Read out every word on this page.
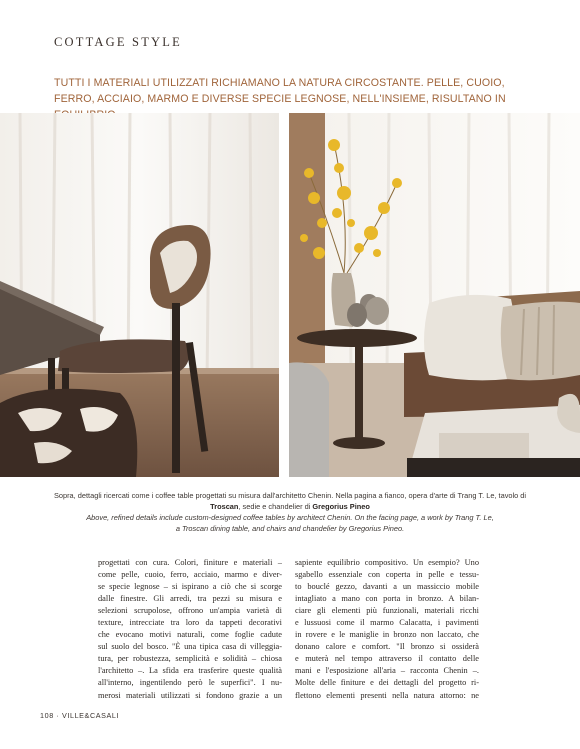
COTTAGE STYLE

TUTTI I MATERIALI UTILIZZATI RICHIAMANO LA NATURA CIRCOSTANTE. PELLE, CUOIO, FERRO, ACCIAIO, MARMO E DIVERSE SPECIE LEGNOSE, NELL'INSIEME, RISULTANO IN

Sopra, dettagli ricercati come i coffee table progettati su misura dall'architetto Chenin. Nella pagina a fianco, opera d'arte di Trang T. Le, tavolo di Troscan, sedie e chandelier di Gregorius Pineo

Above, refined details include custom-designed coffee tables by architect Chenin. On the facing page, a work by Trang T. Le,
a Troscan dining table, and chairs and chandelier by Gregorius Pineo.

progettati con cura. Colori, finiture e materiali –
come pelle, cuoio, ferro, acciaio, marmo e diver-
se specie legnose – si ispirano a ciò che si scorge
dalle finestre. Gli arredi, tra pezzi su misura e
selezioni scrupolose, offrono un'ampia varietà di
texture, intrecciate tra loro da tappeti decorativi
che evocano motivi naturali, come foglie cadute
sul suolo del bosco. "È una tipica casa di villeggia-
tura, per robustezza, semplicità e solidità – chiosa
l'architetto –. La sfida era trasferire queste qualità
all'interno, ingentilendo però le superfici". I nu-
merosi materiali utilizzati si fondono grazie a un
sapiente equilibrio compositivo. Un esempio? Uno
sgabello essenziale con coperta in pelle e tessu-
to bouclé gezzo, davanti a un massiccio mobile
intagliato a mano con porta in bronzo. A bilan-
ciare gli elementi più funzionali, materiali ricchi
e lussuosi come il marmo Calacatta, i pavimenti
in rovere e le maniglie in bronzo non laccato, che
donano calore e comfort. "Il bronzo si ossiderà
e muterà nel tempo attraverso il contatto delle
mani e l'esposizione all'aria – racconta Chenin –.
Molte delle finiture e dei dettagli del progetto ri-
flettono elementi presenti nella natura attorno: ne
108 · VILLE&CASALI
